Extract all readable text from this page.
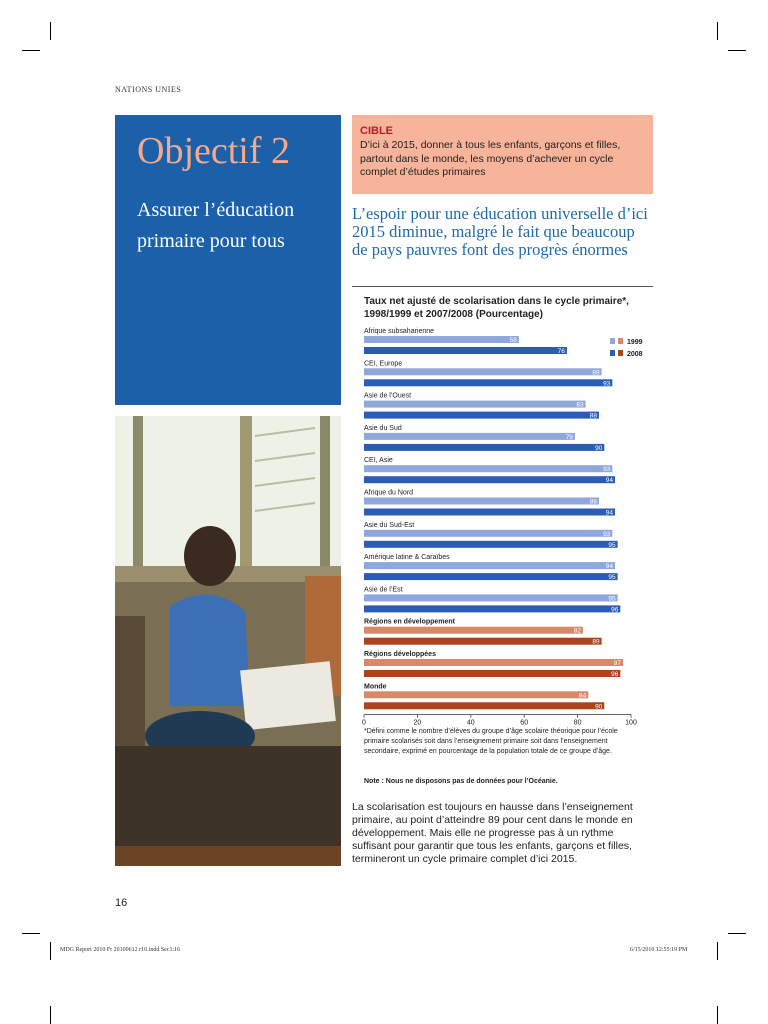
NATIONS UNIES
Objectif 2
Assurer l’éducation primaire pour tous
CIBLE
D’ici à 2015, donner à tous les enfants, garçons et filles, partout dans le monde, les moyens d’achever un cycle complet d’études primaires
L’espoir pour une éducation universelle d’ici 2015 diminue, malgré le fait que beaucoup de pays pauvres font des progrès énormes
Taux net ajusté de scolarisation dans le cycle primaire*, 1998/1999 et 2007/2008 (Pourcentage)
Afrique subsaharienne
58
76
CEI, Europe
89
93
Asie de l’Ouest
83
88
Asie du Sud
79
90
CEI, Asie
93
94
Afrique du Nord
88
94
Asie du Sud-Est
93
95
Amérique latine & Caraïbes
94
95
Asie de l’Est
95
96
Régions en développement
82
89
Régions développées
97
96
Monde
84
90
1999
2008
0	20	40	60	80	100
*Défini comme le nombre d’élèves du groupe d’âge scolaire théorique pour l’école primaire scolarisés soit dans l’enseignement primaire soit dans l’enseignement secondaire, exprimé en pourcentage de la population totale de ce groupe d’âge.
Note : Nous ne disposons pas de données pour l’Océanie.
La scolarisation est toujours en hausse dans l’enseignement primaire, au point d’atteindre 89 pour cent dans le monde en développement. Mais elle ne progresse pas à un rythme suffisant pour garantir que tous les enfants, garçons et filles, termineront un cycle primaire complet d’ici 2015.
16
MDG Report 2010 Fr 20100612 r10.indd Sec1:16	6/15/2010 12:55:19 PM
